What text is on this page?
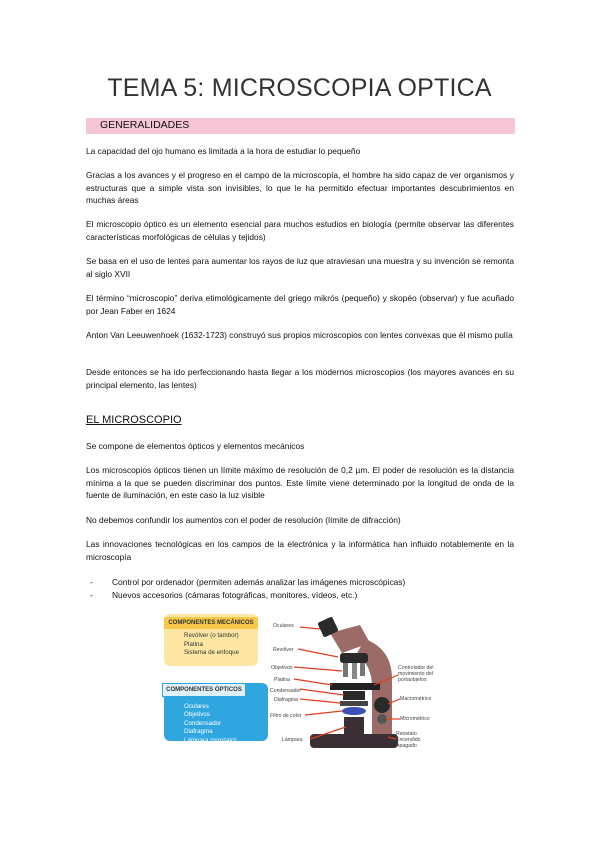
TEMA 5: MICROSCOPIA OPTICA
GENERALIDADES
La capacidad del ojo humano es limitada a la hora de estudiar lo pequeño
Gracias a los avances y el progreso en el campo de la microscopía, el hombre ha sido capaz de ver organismos y estructuras que a simple vista son invisibles, lo que le ha permitido efectuar importantes descubrimientos en muchas áreas
El microscopio óptico es un elemento esencial para muchos estudios en biología (permite observar las diferentes características morfológicas de células y tejidos)
Se basa en el uso de lentes para aumentar los rayos de luz que atraviesan una muestra y su invención se remonta al siglo XVII
El término “microscopio” deriva etimológicamente del griego mikrós (pequeño) y skopéo (observar) y fue acuñado por Jean Faber en 1624
Anton Van Leeuwenhoek (1632-1723) construyó sus propios microscopios con lentes convexas que él mismo pulía
Desde entonces se ha ido perfeccionando hasta llegar a los modernos microscopios (los mayores avances en su principal elemento, las lentes)
EL MICROSCOPIO
Se compone de elementos ópticos y elementos mecánicos
Los microscopios ópticos tienen un límite máximo de resolución de 0,2 µm. El poder de resolución es la distancia mínima a la que se pueden discriminar dos puntos. Este límite viene determinado por la longitud de onda de la fuente de iluminación, en este caso la luz visible
No debemos confundir los aumentos con el poder de resolución (límite de difracción)
Las innovaciones tecnológicas en los campos de la electrónica y la informática han influido notablemente en la microscopía
-	Control por ordenador (permiten además analizar las imágenes microscópicas)
-	Nuevos accesorios (cámaras fotográficas, monitores, vídeos, etc.)
COMPONENTES MECÁNICOS
Revólver (o tambor)
Platina
Sistema de enfoque
COMPONENTES ÓPTICOS
Oculares
Objetivos
Condensador
Diafragma
Lámpara (reostato)
Oculares
Revólver
Objetivos
Platina
Condensador
Diafragma
Filtro de color
Lámpara
Controlador del movimiento del portaobjetos
Macrométrico
Micrométrico
Reostato Encendido Apagado
